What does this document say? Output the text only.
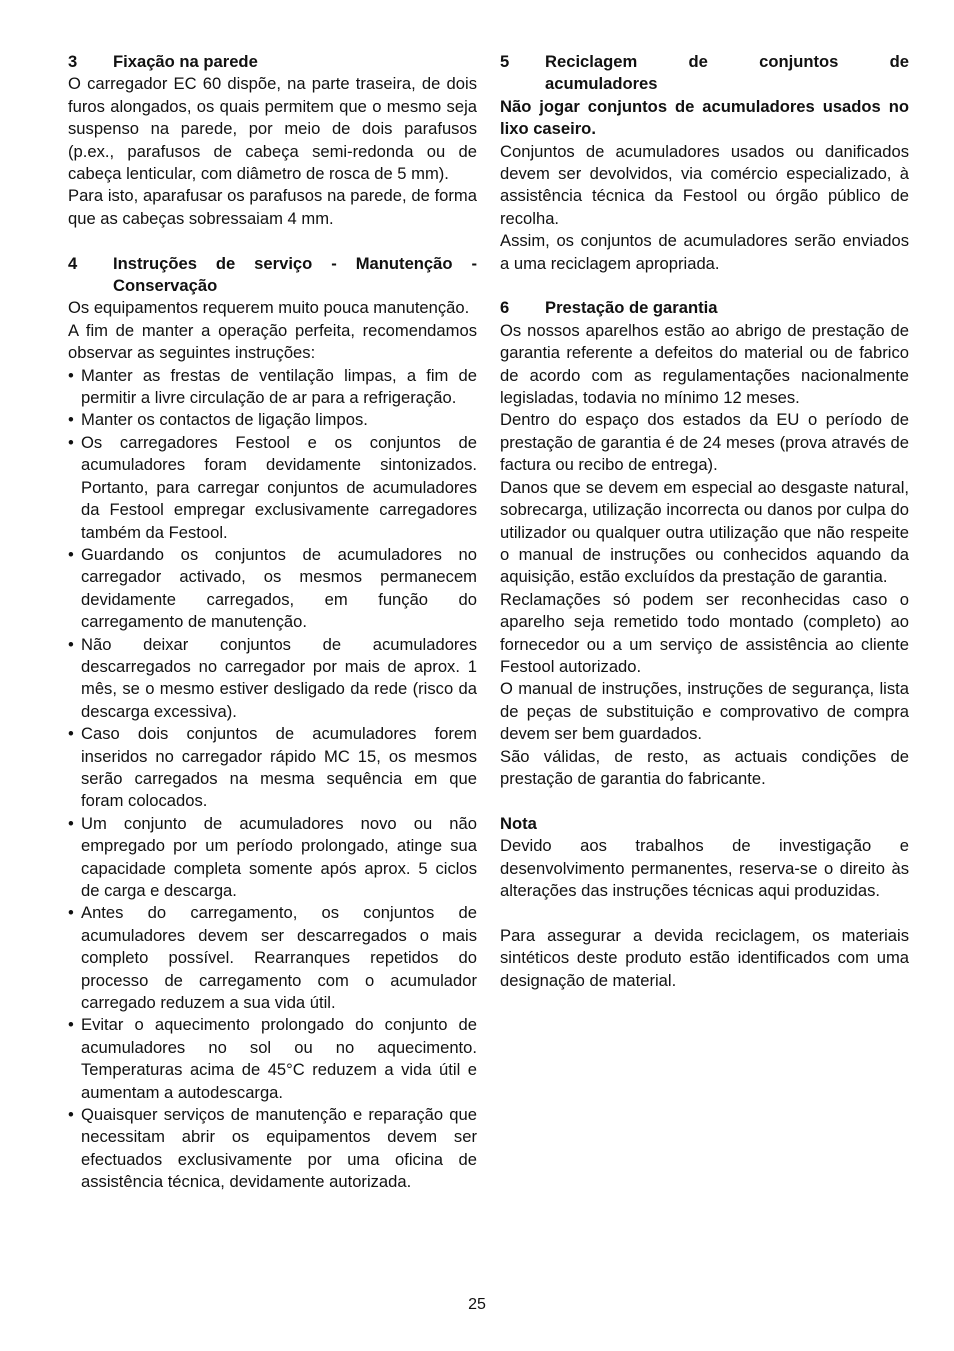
3	Fixação na parede

O carregador EC 60 dispõe, na parte traseira, de dois furos alongados, os quais permitem que o mesmo seja suspenso na parede, por meio de dois parafusos (p.ex., parafusos de cabeça semi-redonda ou de cabeça lenticular, com diâmetro de rosca de 5 mm).

Para isto, aparafusar os parafusos na parede, de forma que as cabeças sobressaiam 4 mm.

4	Instruções de serviço - Manutenção - Conservação

Os equipamentos requerem muito pouca manutenção.

A fim de manter a operação perfeita, recomendamos observar as seguintes instruções:

• Manter as frestas de ventilação limpas, a fim de permitir a livre circulação de ar para a refrigeração.
• Manter os contactos de ligação limpos.
• Os carregadores Festool e os conjuntos de acumuladores foram devidamente sintonizados. Portanto, para carregar conjuntos de acumuladores da Festool empregar exclusivamente carregadores também da Festool.
• Guardando os conjuntos de acumuladores no carregador activado, os mesmos permanecem devidamente carregados, em função do carregamento de manutenção.
• Não deixar conjuntos de acumuladores descarregados no carregador por mais de aprox. 1 mês, se o mesmo estiver desligado da rede (risco da descarga excessiva).
• Caso dois conjuntos de acumuladores forem inseridos no carregador rápido MC 15, os mesmos serão carregados na mesma sequência em que foram colocados.
• Um conjunto de acumuladores novo ou não empregado por um período prolongado, atinge sua capacidade completa somente após aprox. 5 ciclos de carga e descarga.
• Antes do carregamento, os conjuntos de acumuladores devem ser descarregados o mais completo possível. Rearranques repetidos do processo de carregamento com o acumulador carregado reduzem a sua vida útil.
• Evitar o aquecimento prolongado do conjunto de acumuladores no sol ou no aquecimento. Temperaturas acima de 45°C reduzem a vida útil e aumentam a autodescarga.
• Quaisquer serviços de manutenção e reparação que necessitam abrir os equipamentos devem ser efectuados exclusivamente por uma oficina de assistência técnica, devidamente autorizada.
5	Reciclagem de conjuntos de acumuladores

Não jogar conjuntos de acumuladores usados no lixo caseiro.

Conjuntos de acumuladores usados ou danificados devem ser devolvidos, via comércio especializado, à assistência técnica da Festool ou órgão público de recolha.

Assim, os conjuntos de acumuladores serão enviados a uma reciclagem apropriada.

6	Prestação de garantia

Os nossos aparelhos estão ao abrigo de prestação de garantia referente a defeitos do material ou de fabrico de acordo com as regulamentações nacionalmente legisladas, todavia no mínimo 12 meses.

Dentro do espaço dos estados da EU o período de prestação de garantia é de 24 meses (prova através de factura ou recibo de entrega).

Danos que se devem em especial ao desgaste natural, sobrecarga, utilização incorrecta ou danos por culpa do utilizador ou qualquer outra utilização que não respeite o manual de instruções ou conhecidos aquando da aquisição, estão excluídos da prestação de garantia.

Reclamações só podem ser reconhecidas caso o aparelho seja remetido todo montado (completo) ao fornecedor ou a um serviço de assistência ao cliente Festool autorizado.

O manual de instruções, instruções de segurança, lista de peças de substituição e comprovativo de compra devem ser bem guardados.

São válidas, de resto, as actuais condições de prestação de garantia do fabricante.

Nota

Devido aos trabalhos de investigação e desenvolvimento permanentes, reserva-se o direito às alterações das instruções técnicas aqui produzidas.

Para assegurar a devida reciclagem, os materiais sintéticos deste produto estão identificados com uma designação de material.

25
